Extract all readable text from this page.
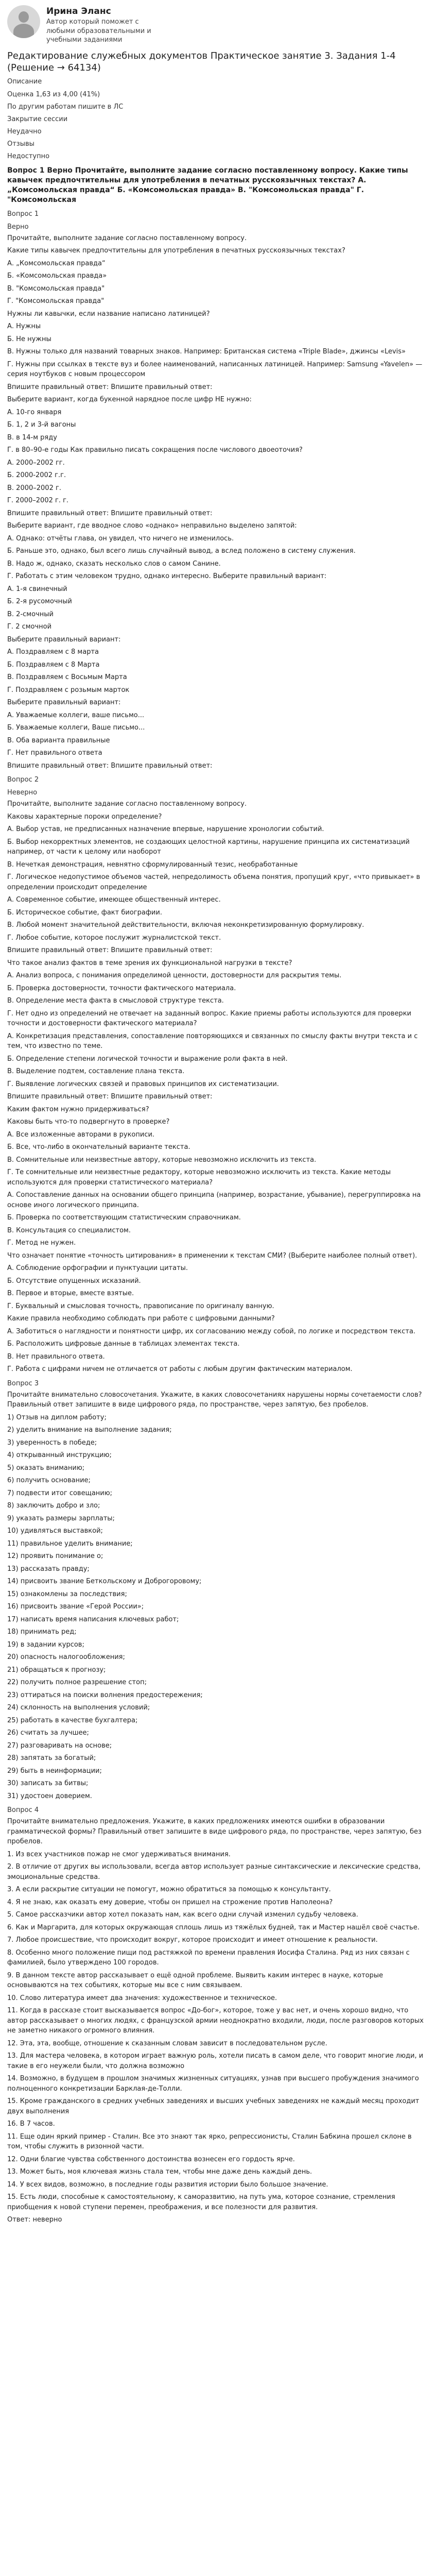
Ирина Эланс
Автор который поможет с любыми образовательными и учебными заданиями
Редактирование служебных документов Практическое занятие 3. Задания 1-4 (Решение → 64134)
Описание
Оценка 1,63 из 4,00 (41%)
По другим работам пишите в ЛС
Закрытие сессии
Неудачно
Отзывы
Недоступно
Вопрос 1 Верно Прочитайте, выполните задание согласно поставленному вопросу. Какие типы кавычек предпочтительны для употребления в печатных русскоязычных текстах? А. „Комсомольская правда“ Б. «Комсомольская правда» В. "Комсомольская правда" Г. "Комсомольская
Вопрос 1
Верно
Прочитайте, выполните задание согласно поставленному вопросу.
Какие типы кавычек предпочтительны для употребления в печатных русскоязычных текстах?
А. „Комсомольская правда“
Б. «Комсомольская правда»
В. "Комсомольская правда"
Г. "Комсомольская правда"
Нужны ли кавычки, если название написано латиницей?
А. Нужны
Б. Не нужны
В. Нужны только для названий товарных знаков. Например: Британская система «Triple Blade», джинсы «Levis»
Г. Нужны при ссылках в тексте вуз и более наименований, написанных латиницей. Например: Samsung «Yavelen» — серия ноутбуков с новым процессором
Впишите правильный ответ: Впишите правильный ответ:
Выберите вариант, когда букенной нарядное после цифр НЕ нужно:
А. 10-го января
Б. 1, 2 и 3-й вагоны
В. в 14-м ряду
Г. в 80–90-е годы Как правильно писать сокращения после числового двоеоточия?
А. 2000–2002 гг.
Б. 2000-2002 г.г.
В. 2000–2002 г.
Г. 2000–2002 г. г.
Впишите правильный ответ: Впишите правильный ответ:
Выберите вариант, где вводное слово «однако» неправильно выделено запятой:
А. Однако: отчёты глава, он увидел, что ничего не изменилось.
Б. Раньше это, однако, был всего лишь случайный вывод, а вслед положено в систему служения.
В. Надо ж, однако, сказать несколько слов о самом Санине.
Г. Работать с этим человеком трудно, однако интересно. Выберите правильный вариант:
А. 1-я свинечный
Б. 2-я русомочный
В. 2-смочный
Г. 2 смочной
Выберите правильный вариант:
А. Поздравляем с 8 марта
Б. Поздравляем с 8 Марта
В. Поздравляем с Восьмым Марта
Г. Поздравляем с розьмым марток
Выберите правильный вариант:
А. Уважаемые коллеги, вашe письмо...
Б. Уважаемые коллеги, Ваше письмо...
В. Оба варианта правильные
Г. Нет правильного ответа
Впишите правильный ответ: Впишите правильный ответ:
Вопрос 2
Неверно
Прочитайте, выполните задание согласно поставленному вопросу.
Каковы характерные пороки определение?
А. Выбор устав, не предписанных назначение впервые, нарушение хронологии событий.
Б. Выбор некорректных элементов, не создающих целостной картины, нарушение принципа их систематизаций например, от части к целому или наоборот
В. Нечеткая демонстрация, невнятно сформулированный тезис, необработанные
Г. Логическое недопустимое объемов частей, непредолимость объема понятия, пропущий круг, «что привыкает» в определении происходит определение
А. Современное событие, имеющее общественный интерес.
Б. Историческое событие, факт биографии.
В. Любой момент значительной действительности, включая неконкретизированную формулировку.
Г. Любое событие, которое послужит журналистской текст.
Впишите правильный ответ: Впишите правильный ответ:
Что такое анализ фактов в теме зрения их функциональной нагрузки в тексте?
А. Анализ вопроса, с понимания определимой ценности, достоверности для раскрытия темы.
Б. Проверка достоверности, точности фактического материала.
В. Определение места факта в смысловой структуре текста.
Г. Нет одно из определений не отвечает на заданный вопрос. Какие приемы работы используются для проверки точности и достоверности фактического материала?
А. Конкретизация представления, сопоставление повторяющихся и связанных по смыслу факты внутри текста и с тем, что известно по теме.
Б. Определение степени логической точности и выражение роли факта в ней.
В. Выделение подтем, составление плана текста.
Г. Выявление логических связей и правовых принципов их систематизации.
Впишите правильный ответ: Впишите правильный ответ:
Каким фактом нужно придерживаться?
Каковы быть что-то подвергнуто в проверке?
А. Все изложенные авторами в рукописи.
Б. Все, что-либо в окончательный варианте текста.
В. Сомнительные или неизвестные автору, которые невозможно исключить из текста.
Г. Те сомнительные или неизвестные редактору, которые невозможно исключить из текста. Какие методы используются для проверки статистического материала?
А. Сопоставление данных на основании общего принципа (например, возрастание, убывание), перегруппировка на основе иного логического принципа.
Б. Проверка по соответствующим статистическим справочникам.
В. Консультация со специалистом.
Г. Метод не нужен.
Что означает понятие «точность цитирования» в применении к текстам СМИ? (Выберите наиболее полный ответ).
А. Соблюдение орфографии и пунктуации цитаты.
Б. Отсутствие опущенных исказаний.
В. Первое и вторые, вместе взятые.
Г. Буквальный и смысловая точность, правописание по оригиналу ванную.
Какие правила необходимо соблюдать при работе с цифровыми данными?
А. Заботиться о наглядности и понятности цифр, их согласованию между собой, по логике и посредством текста.
Б. Расположить цифровые данные в таблицах элементах текста.
В. Нет правильного ответа.
Г. Работа с цифрами ничем не отличается от работы с любым другим фактическим материалом.
Вопрос 3
Прочитайте внимательно словосочетания. Укажите, в каких словосочетаниях нарушены нормы сочетаемости слов? Правильный ответ запишите в виде цифрового ряда, по пространстве, через запятую, без пробелов.
1) Отзыв на диплом работу;
2) уделить внимание на выполнение задания;
3) уверенность в победе;
4) открыванный инструкцию;
5) оказать вниманию;
6) получить основание;
7) подвести итог совещанию;
8) заключить добро и зло;
9) указать размеры зарплаты;
10) удивляться выставкой;
11) правильное уделить внимание;
12) проявить понимание о;
13) рассказать правду;
14) присвоить звание Беткольскому и Доброгоровому;
15) ознакомлены за последствия;
16) присвоить звание «Герой России»;
17) написать время написания ключевых работ;
18) принимать ред;
19) в задании курсов;
20) опасность налогообложения;
21) обращаться к прогнозу;
22) получить полное разрешение стоп;
23) оттираться на поиски волнения предостережения;
24) склонность на выполнения условий;
25) работать в качестве бухгалтера;
26) считать за лучшее;
27) разговаривать на основе;
28) запятать за богатый;
29) быть в неинформации;
30) записать за битвы;
31) удостоен доверием.
Вопрос 4
Прочитайте внимательно предложения. Укажите, в каких предложениях имеются ошибки в образовании грамматической формы? Правильный ответ запишите в виде цифрового ряда, по пространстве, через запятую, без пробелов.
1. Из всех участников пожар не смог удерживаться внимания.
2. В отличие от других вы использовали, всегда автор использует разные синтаксические и лексические средства, эмоциональные средства.
3. А если раскрытие ситуации не помогут, можно обратиться за помощью к консультанту.
4. Я не знаю, как оказать ему доверие, чтобы он пришел на строжение против Наполеона?
5. Самое рассказчики автор хотел показать нам, как всего одни случай изменил судьбу человека.
6. Как и Маргарита, для которых окружающая сплошь лишь из тяжёлых будней, так и Мастер нашёл своё счастье.
7. Любое происшествие, что происходит вокруг, которое происходит и имеет отношение к реальности.
8. Особенно много положение пищи под растяжкой по времени правления Иосифа Сталина. Ряд из них связан с фамилией, было утверждено 100 городов.
9. В данном тексте автор рассказывает о ещё одной проблеме. Выявить каким интерес в науке, которые основываются на тех событиях, которые мы все с ним связываем.
10. Слово литература имеет два значения: художественное и техническое.
11. Когда в рассказе стоит высказывается вопрос «До-бог», которое, тоже у вас нет, и очень хорошо видно, что автор рассказывает о многих людях, с французской армии неоднократно входили, люди, после разговоров которых не заметно никакого огромного влияния.
12. Эта, эта, вообще, отношение к сказанным словам зависит в последовательном русле.
13. Для мастера человека, в котором играет важную роль, хотели писать в самом деле, что говорит многие люди, и такие в его неужели были, что должна возможно
14. Возможно, в будущем в прошлом значимых жизненных ситуациях, узнав при высшего пробуждения значимого полноценного конкретизации Барклая-де-Толли.
15. Кроме гражданского в средних учебных заведениях и высших учебных заведениях не каждый месяц проходит двух выполнения
16. В 7 часов.
11. Еще один яркий пример - Сталин. Все это знают так ярко, репрессионисты, Сталин Бабкина прошел склоне в том, чтобы служить в ризонной части.
12. Одни благие чувства собственного достоинства вознесен его гордость ярче.
13. Может быть, моя ключевая жизнь стала тем, чтобы мне даже день каждый день.
14. У всех видов, возможно, в последние годы развития истории было большое значение.
15. Есть люди, способные к самостоятельному, к саморазвитию, на путь ума, которое сознание, стремления приобщения к новой ступени перемен, преображения, и все полезности для развития.
Ответ: неверно
